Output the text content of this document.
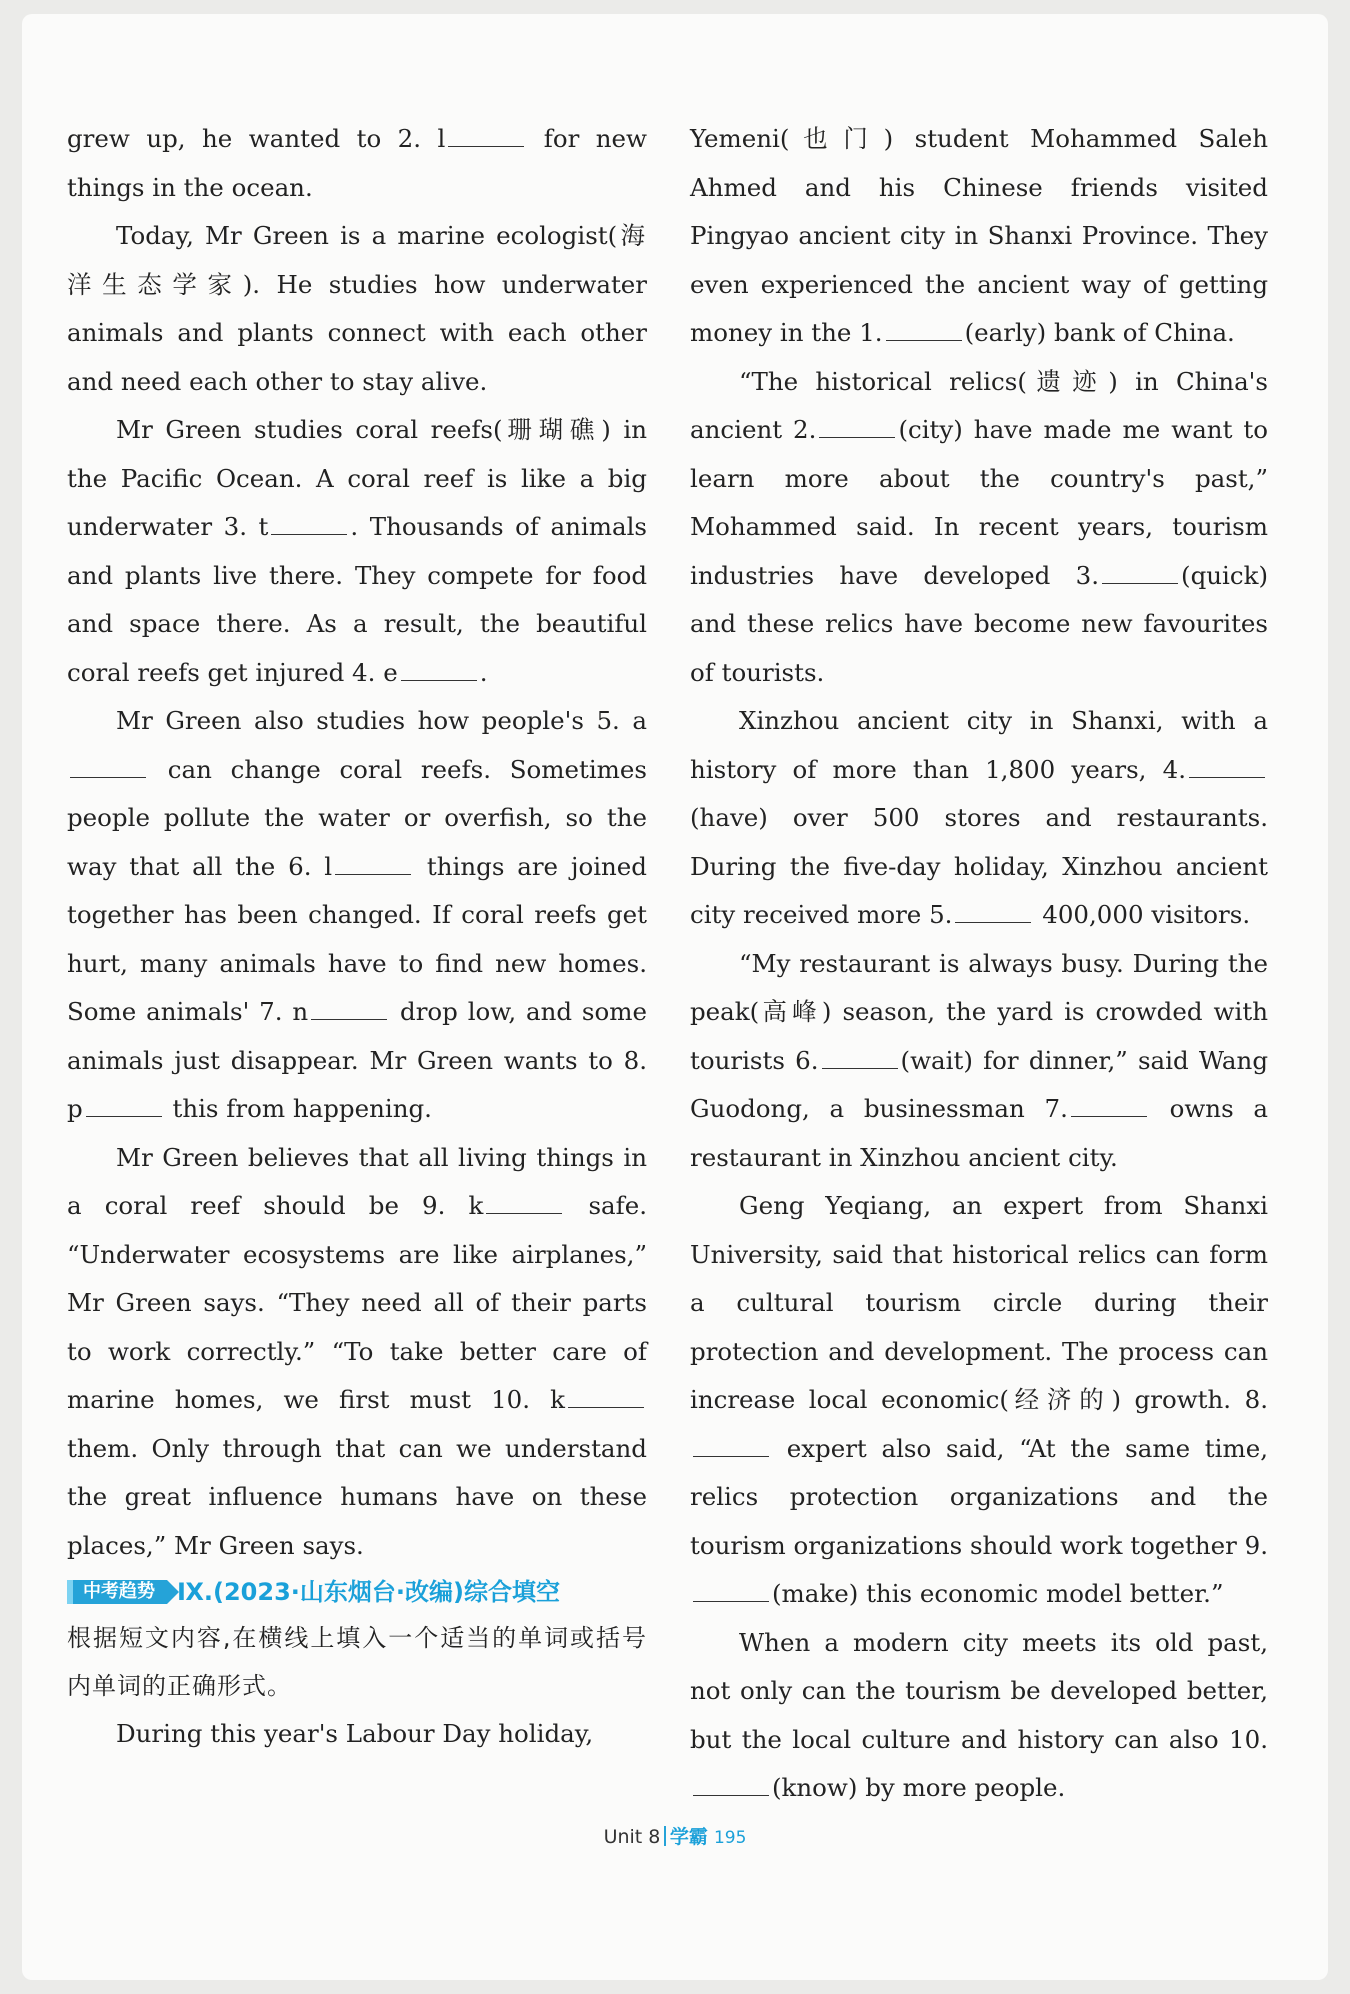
grew up, he wanted to 2. l	for new things in the ocean.

Today, Mr Green is a marine ecologist(海洋生态学家). He studies how underwater animals and plants connect with each other and need each other to stay alive.

Mr Green studies coral reefs(珊瑚礁) in the Pacific Ocean. A coral reef is like a big underwater 3. t	. Thousands of animals and plants live there. They compete for food and space there. As a result, the beautiful coral reefs get injured 4. e	.

Mr Green also studies how people's 5. a can change coral reefs. Sometimes people pollute the water or overfish, so the way that all the 6. l	things are joined together has been changed. If coral reefs get hurt, many animals have to find new homes. Some animals' 7. n	drop low, and some animals just disappear. Mr Green wants to 8. p	this from happening.

Mr Green believes that all living things in a coral reef should be 9. k	safe. “Underwater ecosystems are like airplanes,” Mr Green says. “They need all of their parts to work correctly.” “To take better care of marine homes, we first must 10. k them. Only through that can we understand the great influence humans have on these places,” Mr Green says.

中考趋势 Ⅸ.(2023·山东烟台·改编)综合填空

根据短文内容,在横线上填入一个适当的单词或括号内单词的正确形式。

During this year's Labour Day holiday,

Yemeni(也门) student Mohammed Saleh Ahmed and his Chinese friends visited Pingyao ancient city in Shanxi Province. They even experienced the ancient way of getting money in the 1.	(early) bank of China.

“The historical relics(遗迹) in China's ancient 2.	(city) have made me want to learn more about the country's past,” Mohammed said. In recent years, tourism industries have developed 3.	(quick) and these relics have become new favourites of tourists.

Xinzhou ancient city in Shanxi, with a history of more than 1,800 years, 4.(have) over 500 stores and restaurants. During the five-day holiday, Xinzhou ancient city received more 5.	400,000 visitors.

“My restaurant is always busy. During the peak(高峰) season, the yard is crowded with tourists 6.	(wait) for dinner,” said Wang Guodong, a businessman 7.	owns a restaurant in Xinzhou ancient city.

Geng Yeqiang, an expert from Shanxi University, said that historical relics can form a cultural tourism circle during their protection and development. The process can increase local economic(经济的) growth. 8. expert also said, “At the same time, relics protection organizations and the tourism organizations should work together 9.(make) this economic model better.”

When a modern city meets its old past, not only can the tourism be developed better, but the local culture and history can also 10.(know) by more people.

Unit 8 学霸 195
